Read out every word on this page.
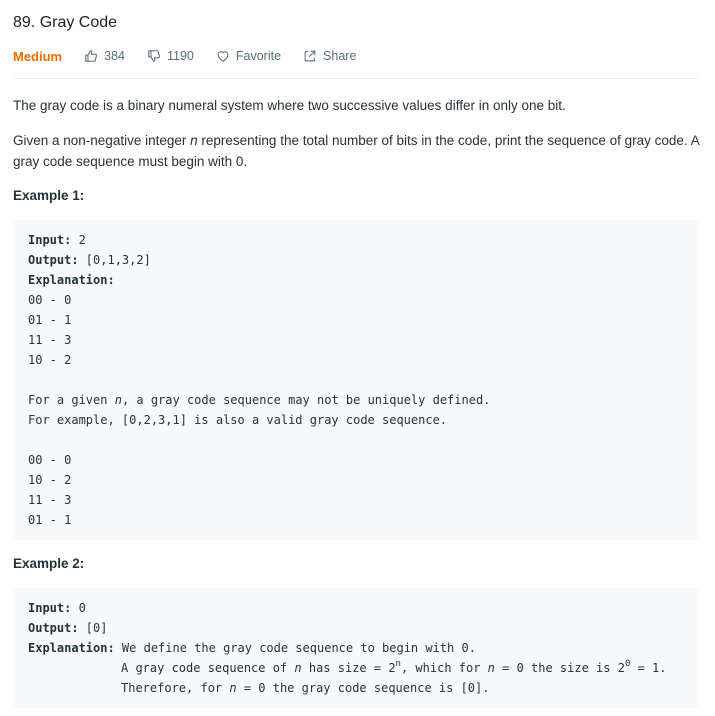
89. Gray Code
Medium	384	1190	Favorite	Share
The gray code is a binary numeral system where two successive values differ in only one bit.
Given a non-negative integer n representing the total number of bits in the code, print the sequence of gray code. A gray code sequence must begin with 0.
Example 1:
Input: 2
Output: [0,1,3,2]
Explanation:
00 - 0
01 - 1
11 - 3
10 - 2
For a given n, a gray code sequence may not be uniquely defined.
For example, [0,2,3,1] is also a valid gray code sequence.
00 - 0
10 - 2
11 - 3
01 - 1
Example 2:
Input: 0
Output: [0]
Explanation: We define the gray code sequence to begin with 0.
A gray code sequence of n has size = $2^n$, which for n = 0 the size is $2^0 = 1$.
Therefore, for n = 0 the gray code sequence is [0].
